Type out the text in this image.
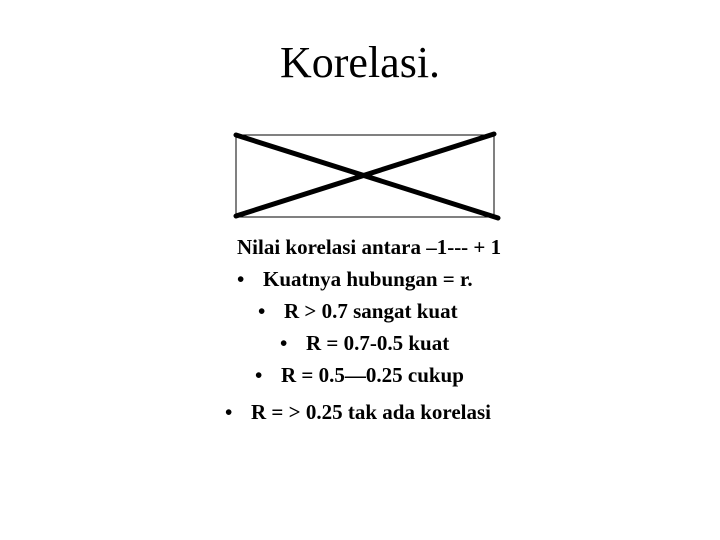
Korelasi.
Nilai korelasi antara –1--- + 1
• Kuatnya hubungan = r.
• R > 0.7 sangat kuat
• R = 0.7-0.5 kuat
• R = 0.5—0.25 cukup
• R = > 0.25 tak ada korelasi
